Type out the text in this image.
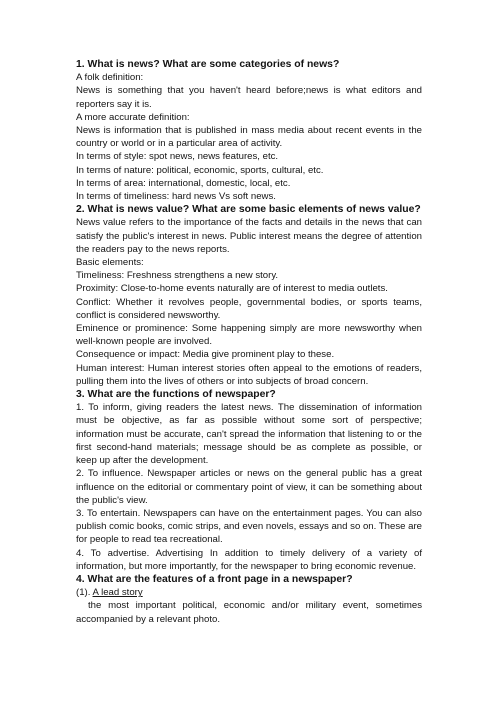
1. What is news? What are some categories of news?

A folk definition:

News is something that you haven't heard before;news is what editors and reporters say it is.

A more accurate definition:

News is information that is published in mass media about recent events in the country or world or in a particular area of activity.

In terms of style: spot news, news features, etc.

In terms of nature: political, economic, sports, cultural, etc.

In terms of area: international, domestic, local, etc.

In terms of timeliness: hard news Vs soft news.

2. What is news value? What are some basic elements of news value?

News value refers to the importance of the facts and details in the news that can satisfy the public's interest in news. Public interest means the degree of attention the readers pay to the news reports.

Basic elements:

Timeliness: Freshness strengthens a new story.

Proximity: Close-to-home events naturally are of interest to media outlets.

Conflict: Whether it revolves people, governmental bodies, or sports teams, conflict is considered newsworthy.

Eminence or prominence: Some happening simply are more newsworthy when well-known people are involved.

Consequence or impact: Media give prominent play to these.

Human interest: Human interest stories often appeal to the emotions of readers, pulling them into the lives of others or into subjects of broad concern.

3. What are the functions of newspaper?

1. To inform, giving readers the latest news. The dissemination of information must be objective, as far as possible without some sort of perspective; information must be accurate, can't spread the information that listening to or the first second-hand materials; message should be as complete as possible, or keep up after the development.

2. To influence. Newspaper articles or news on the general public has a great influence on the editorial or commentary point of view, it can be something about the public's view.

3. To entertain. Newspapers can have on the entertainment pages. You can also publish comic books, comic strips, and even novels, essays and so on. These are for people to read tea recreational.

4. To advertise. Advertising In addition to timely delivery of a variety of information, but more importantly, for the newspaper to bring economic revenue.

4. What are the features of a front page in a newspaper?

(1). A lead story

the most important political, economic and/or military event, sometimes accompanied by a relevant photo.
